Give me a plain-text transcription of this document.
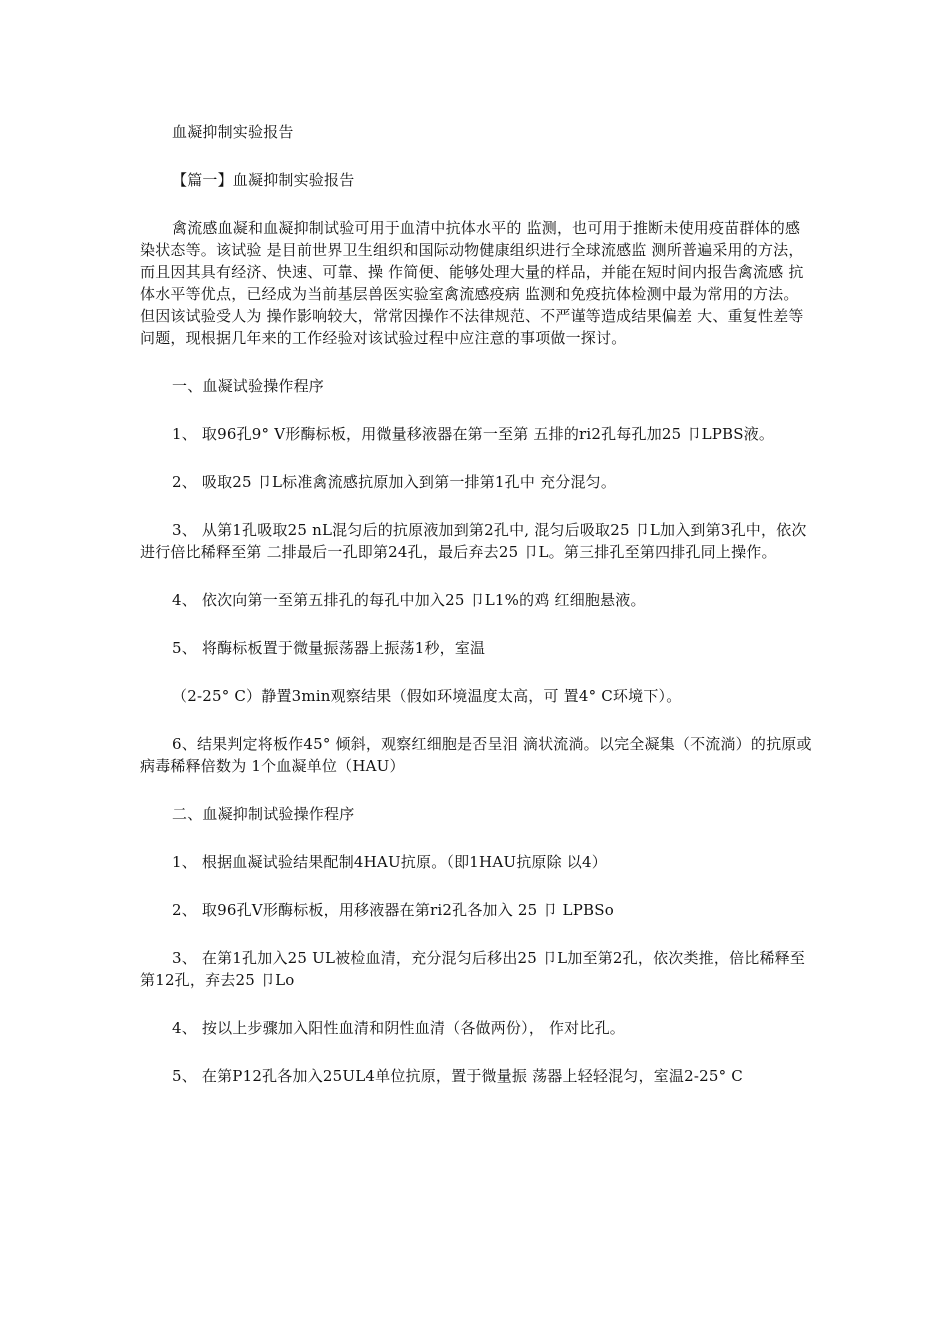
血凝抑制实验报告

【篇一】血凝抑制实验报告

禽流感血凝和血凝抑制试验可用于血清中抗体水平的 监测，也可用于推断未使用疫苗群体的感染状态等。该试验 是目前世界卫生组织和国际动物健康组织进行全球流感监 测所普遍采用的方法，而且因其具有经济、快速、可靠、操 作简便、能够处理大量的样品，并能在短时间内报告禽流感 抗体水平等优点，已经成为当前基层兽医实验室禽流感疫病 监测和免疫抗体检测中最为常用的方法。但因该试验受人为 操作影响较大，常常因操作不法律规范、不严谨等造成结果偏差 大、重复性差等问题，现根据几年来的工作经验对该试验过程中应注意的事项做一探讨。

一、血凝试验操作程序

1、 取96孔9° V形酶标板，用微量移液器在第一至第 五排的ri2孔每孔加25 卩LPBS液。

2、 吸取25 卩L标准禽流感抗原加入到第一排第1孔中 充分混匀。

3、 从第1孔吸取25 nL混匀后的抗原液加到第2孔中, 混匀后吸取25 卩L加入到第3孔中，依次进行倍比稀释至第 二排最后一孔即第24孔，最后弃去25 卩L。第三排孔至第四排孔同上操作。

4、 依次向第一至第五排孔的每孔中加入25 卩L1%的鸡 红细胞悬液。

5、 将酶标板置于微量振荡器上振荡1秒，室温

（2-25° C）静置3min观察结果（假如环境温度太高，可 置4° C环境下）。

6、结果判定将板作45° 倾斜，观察红细胞是否呈泪 滴状流淌。以完全凝集（不流淌）的抗原或病毒稀释倍数为 1个血凝单位（HAU）

二、血凝抑制试验操作程序

1、 根据血凝试验结果配制4HAU抗原。（即1HAU抗原除 以4）

2、 取96孔V形酶标板，用移液器在第ri2孔各加入 25 卩 LPBSo

3、 在第1孔加入25 UL被检血清，充分混匀后移出25 卩L加至第2孔，依次类推，倍比稀释至第12孔，弃去25 卩Lo

4、 按以上步骤加入阳性血清和阴性血清（各做两份）， 作对比孔。

5、 在第P12孔各加入25UL4单位抗原，置于微量振 荡器上轻轻混匀，室温2-25° C
